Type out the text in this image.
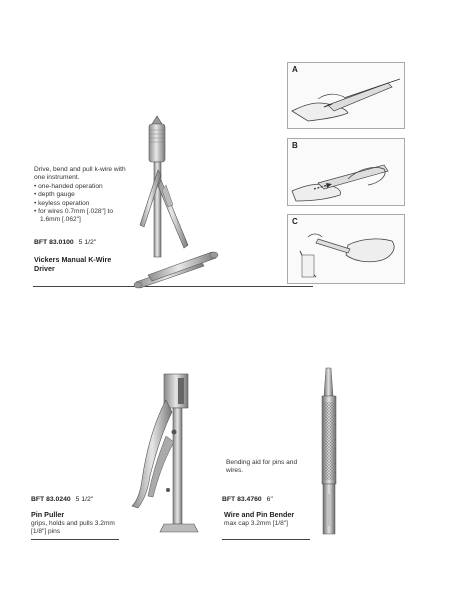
Drive, bend and pull k-wire with one instrument.
• one-handed operation
• depth gauge
• keyless operation
• for wires 0.7mm [.028"] to 1.6mm [.062"]
BFT 83.0100 5 1/2"
Vickers Manual K-Wire Driver
A
B
C
BFT 83.0240 5 1/2"
Pin Puller
grips, holds and pulls 3.2mm [1/8"] pins
Bending aid for pins and wires.
BFT 83.4760 6"
Wire and Pin Bender
max cap 3.2mm [1/8"]
